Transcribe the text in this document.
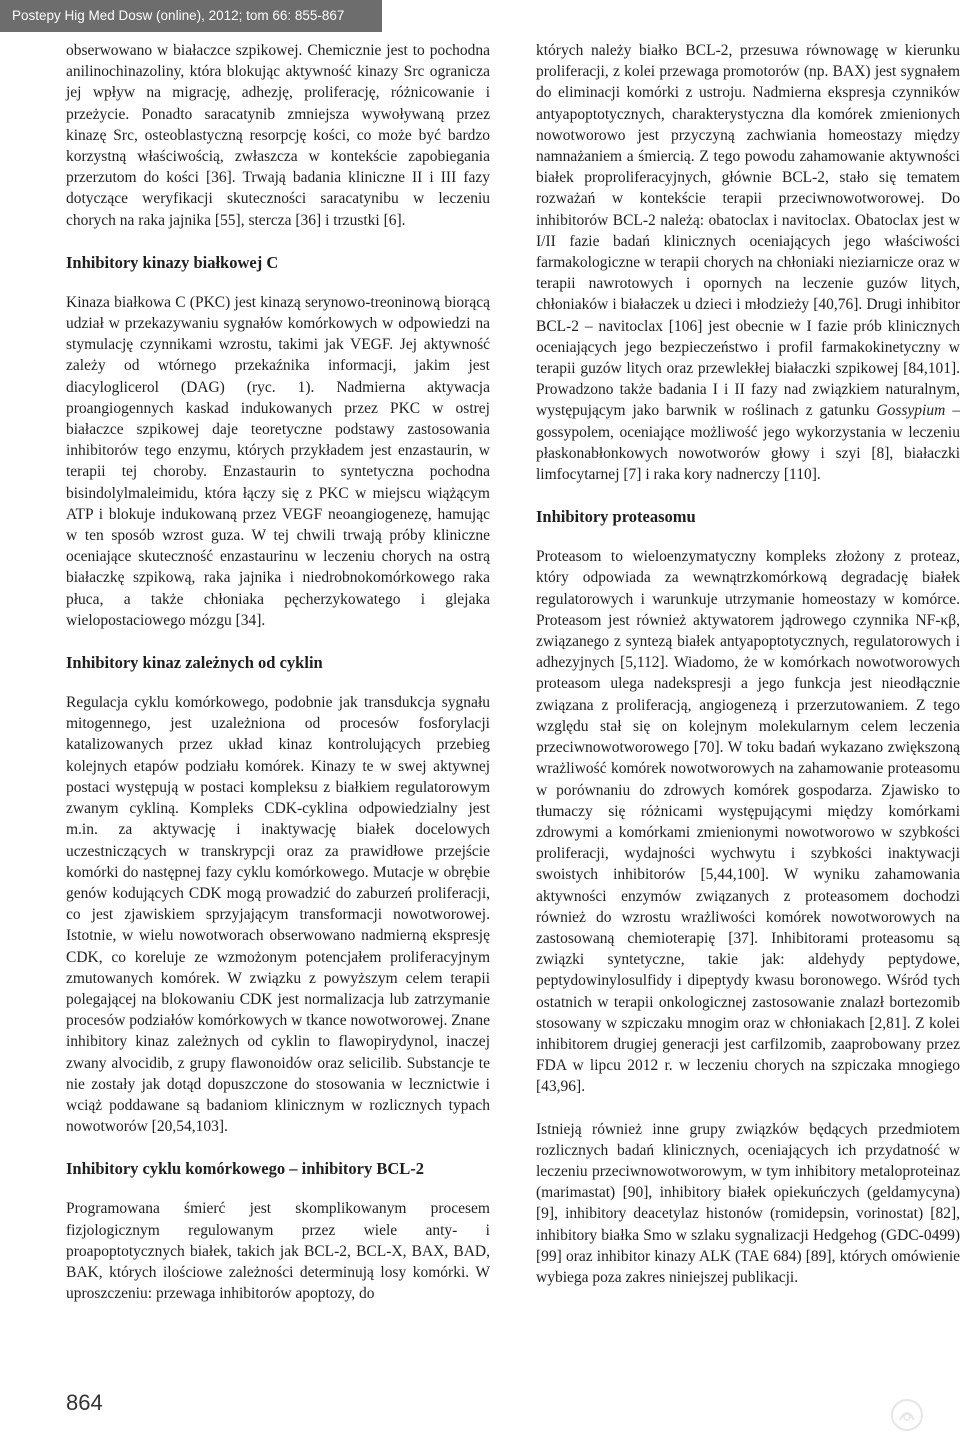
Postepy Hig Med Dosw (online), 2012; tom 66: 855-867

obserwowano w białaczce szpikowej. Chemicznie jest to pochodna anilinochinazoliny, która blokując aktywność kinazy Src ogranicza jej wpływ na migrację, adhezję, proliferację, różnicowanie i przeżycie. Ponadto saracatynib zmniejsza wywoływaną przez kinazę Src, osteoblastyczną resorpcję kości, co może być bardzo korzystną właściwością, zwłaszcza w kontekście zapobiegania przerzutom do kości [36]. Trwają badania kliniczne II i III fazy dotyczące weryfikacji skuteczności saracatynibu w leczeniu chorych na raka jajnika [55], stercza [36] i trzustki [6].

Inhibitory kinazy białkowej C

Kinaza białkowa C (PKC) jest kinazą serynowo-treoninową biorącą udział w przekazywaniu sygnałów komórkowych w odpowiedzi na stymulację czynnikami wzrostu, takimi jak VEGF. Jej aktywność zależy od wtórnego przekaźnika informacji, jakim jest diacyloglicerol (DAG) (ryc. 1). Nadmierna aktywacja proangiogennych kaskad indukowanych przez PKC w ostrej białaczce szpikowej daje teoretyczne podstawy zastosowania inhibitorów tego enzymu, których przykładem jest enzastaurin, w terapii tej choroby. Enzastaurin to syntetyczna pochodna bisindolylmaleimidu, która łączy się z PKC w miejscu wiążącym ATP i blokuje indukowaną przez VEGF neoangiogenezę, hamując w ten sposób wzrost guza. W tej chwili trwają próby kliniczne oceniające skuteczność enzastaurinu w leczeniu chorych na ostrą białaczkę szpikową, raka jajnika i niedrobnokomórkowego raka płuca, a także chłoniaka pęcherzykowatego i glejaka wielopostaciowego mózgu [34].

Inhibitory kinaz zależnych od cyklin

Regulacja cyklu komórkowego, podobnie jak transdukcja sygnału mitogennego, jest uzależniona od procesów fosforylacji katalizowanych przez układ kinaz kontrolujących przebieg kolejnych etapów podziału komórek. Kinazy te w swej aktywnej postaci występują w postaci kompleksu z białkiem regulatorowym zwanym cykliną. Kompleks CDK-cyklina odpowiedzialny jest m.in. za aktywację i inaktywację białek docelowych uczestniczących w transkrypcji oraz za prawidłowe przejście komórki do następnej fazy cyklu komórkowego. Mutacje w obrębie genów kodujących CDK mogą prowadzić do zaburzeń proliferacji, co jest zjawiskiem sprzyjającym transformacji nowotworowej. Istotnie, w wielu nowotworach obserwowano nadmierną ekspresję CDK, co koreluje ze wzmożonym potencjałem proliferacyjnym zmutowanych komórek. W związku z powyższym celem terapii polegającej na blokowaniu CDK jest normalizacja lub zatrzymanie procesów podziałów komórkowych w tkance nowotworowej. Znane inhibitory kinaz zależnych od cyklin to flawopirydynol, inaczej zwany alvocidib, z grupy flawonoidów oraz selicilib. Substancje te nie zostały jak dotąd dopuszczone do stosowania w lecznictwie i wciąż poddawane są badaniom klinicznym w rozlicznych typach nowotworów [20,54,103].

Inhibitory cyklu komórkowego – inhibitory BCL-2

Programowana śmierć jest skomplikowanym procesem fizjologicznym regulowanym przez wiele anty- i proapoptotycznych białek, takich jak BCL-2, BCL-X, BAX, BAD, BAK, których ilościowe zależności determinują losy komórki. W uproszczeniu: przewaga inhibitorów apoptozy, do

których należy białko BCL-2, przesuwa równowagę w kierunku proliferacji, z kolei przewaga promotorów (np. BAX) jest sygnałem do eliminacji komórki z ustroju. Nadmierna ekspresja czynników antyapoptotycznych, charakterystyczna dla komórek zmienionych nowotworowo jest przyczyną zachwiania homeostazy między namnażaniem a śmiercią. Z tego powodu zahamowanie aktywności białek proproliferacyjnych, głównie BCL-2, stało się tematem rozważań w kontekście terapii przeciwnowotworowej. Do inhibitorów BCL-2 należą: obatoclax i navitoclax. Obatoclax jest w I/II fazie badań klinicznych oceniających jego właściwości farmakologiczne w terapii chorych na chłoniaki nieziarnicze oraz w terapii nawrotowych i opornych na leczenie guzów litych, chłoniaków i białaczek u dzieci i młodzieży [40,76]. Drugi inhibitor BCL-2 – navitoclax [106] jest obecnie w I fazie prób klinicznych oceniających jego bezpieczeństwo i profil farmakokinetyczny w terapii guzów litych oraz przewlekłej białaczki szpikowej [84,101]. Prowadzono także badania I i II fazy nad związkiem naturalnym, występującym jako barwnik w roślinach z gatunku Gossypium – gossypolem, oceniające możliwość jego wykorzystania w leczeniu płaskonabłonkowych nowotworów głowy i szyi [8], białaczki limfocytarnej [7] i raka kory nadnerczy [110].

Inhibitory proteasomu

Proteasom to wieloenzymatyczny kompleks złożony z proteaz, który odpowiada za wewnątrzkomórkową degradację białek regulatorowych i warunkuje utrzymanie homeostazy w komórce. Proteasom jest również aktywatorem jądrowego czynnika NF-κβ, związanego z syntezą białek antyapoptotycznych, regulatorowych i adhezyjnych [5,112]. Wiadomo, że w komórkach nowotworowych proteasom ulega nadekspresji a jego funkcja jest nieodłącznie związana z proliferacją, angiogenezą i przerzutowaniem. Z tego względu stał się on kolejnym molekularnym celem leczenia przeciwnowotworowego [70]. W toku badań wykazano zwiększoną wrażliwość komórek nowotworowych na zahamowanie proteasomu w porównaniu do zdrowych komórek gospodarza. Zjawisko to tłumaczy się różnicami występującymi między komórkami zdrowymi a komórkami zmienionymi nowotworowo w szybkości proliferacji, wydajności wychwytu i szybkości inaktywacji swoistych inhibitorów [5,44,100]. W wyniku zahamowania aktywności enzymów związanych z proteasomem dochodzi również do wzrostu wrażliwości komórek nowotworowych na zastosowaną chemioterapię [37]. Inhibitorami proteasomu są związki syntetyczne, takie jak: aldehydy peptydowe, peptydowinylosulfidy i dipeptydy kwasu boronowego. Wśród tych ostatnich w terapii onkologicznej zastosowanie znalazł bortezomib stosowany w szpiczaku mnogim oraz w chłoniakach [2,81]. Z kolei inhibitorem drugiej generacji jest carfilzomib, zaaprobowany przez FDA w lipcu 2012 r. w leczeniu chorych na szpiczaka mnogiego [43,96].

Istnieją również inne grupy związków będących przedmiotem rozlicznych badań klinicznych, oceniających ich przydatność w leczeniu przeciwnowotworowym, w tym inhibitory metaloproteinaz (marimastat) [90], inhibitory białek opiekuńczych (geldamycyna) [9], inhibitory deacetylaz histonów (romidepsin, vorinostat) [82], inhibitory białka Smo w szlaku sygnalizacji Hedgehog (GDC-0499) [99] oraz inhibitor kinazy ALK (TAE 684) [89], których omówienie wybiega poza zakres niniejszej publikacji.

864
